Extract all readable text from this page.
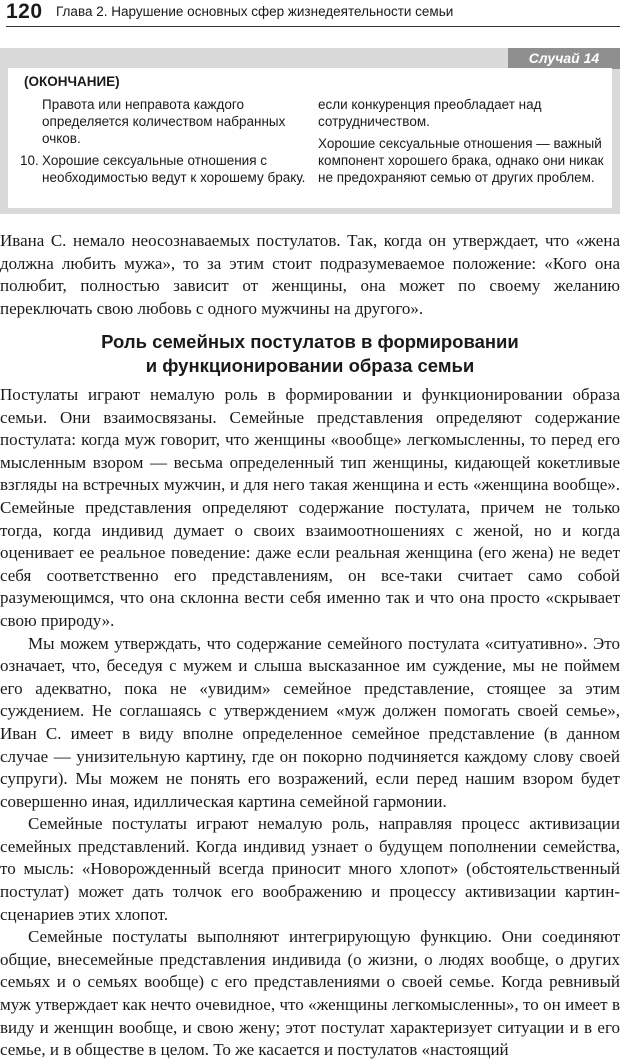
120 Глава 2. Нарушение основных сфер жизнедеятельности семьи
Случай 14
(ОКОНЧАНИЕ)
Правота или неправота каждого определяется количеством набранных очков.
10. Хорошие сексуальные отношения с необходимостью ведут к хорошему браку.
если конкуренция преобладает над сотрудничеством.
Хорошие сексуальные отношения — важный компонент хорошего брака, однако они никак не предохраняют семью от других проблем.

Ивана С. немало неосознаваемых постулатов. Так, когда он утверждает, что «жена должна любить мужа», то за этим стоит подразумеваемое положение: «Кого она полюбит, полностью зависит от женщины, она может по своему желанию переключать свою любовь с одного мужчины на другого».

Роль семейных постулатов в формировании
и функционировании образа семьи

Постулаты играют немалую роль в формировании и функционировании образа семьи. Они взаимосвязаны. Семейные представления определяют содержание постулата: когда муж говорит, что женщины «вообще» легкомысленны, то перед его мысленным взором — весьма определенный тип женщины, кидающей кокетливые взгляды на встречных мужчин, и для него такая женщина и есть «женщина вообще». Семейные представления определяют содержание постулата, причем не только тогда, когда индивид думает о своих взаимоотношениях с женой, но и когда оценивает ее реальное поведение: даже если реальная женщина (его жена) не ведет себя соответственно его представлениям, он все-таки считает само собой разумеющимся, что она склонна вести себя именно так и что она просто «скрывает свою природу».

Мы можем утверждать, что содержание семейного постулата «ситуативно». Это означает, что, беседуя с мужем и слыша высказанное им суждение, мы не поймем его адекватно, пока не «увидим» семейное представление, стоящее за этим суждением. Не соглашаясь с утверждением «муж должен помогать своей семье», Иван С. имеет в виду вполне определенное семейное представление (в данном случае — унизительную картину, где он покорно подчиняется каждому слову своей супруги). Мы можем не понять его возражений, если перед нашим взором будет совершенно иная, идиллическая картина семейной гармонии.

Семейные постулаты играют немалую роль, направляя процесс активизации семейных представлений. Когда индивид узнает о будущем пополнении семейства, то мысль: «Новорожденный всегда приносит много хлопот» (обстоятельственный постулат) может дать толчок его воображению и процессу активизации картин-сценариев этих хлопот.

Семейные постулаты выполняют интегрирующую функцию. Они соединяют общие, внесемейные представления индивида (о жизни, о людях вообще, о других семьях и о семьях вообще) с его представлениями о своей семье. Когда ревнивый муж утверждает как нечто очевидное, что «женщины легкомысленны», то он имеет в виду и женщин вообще, и свою жену; этот постулат характеризует ситуации и в его семье, и в обществе в целом. То же касается и постулатов «настоящий
